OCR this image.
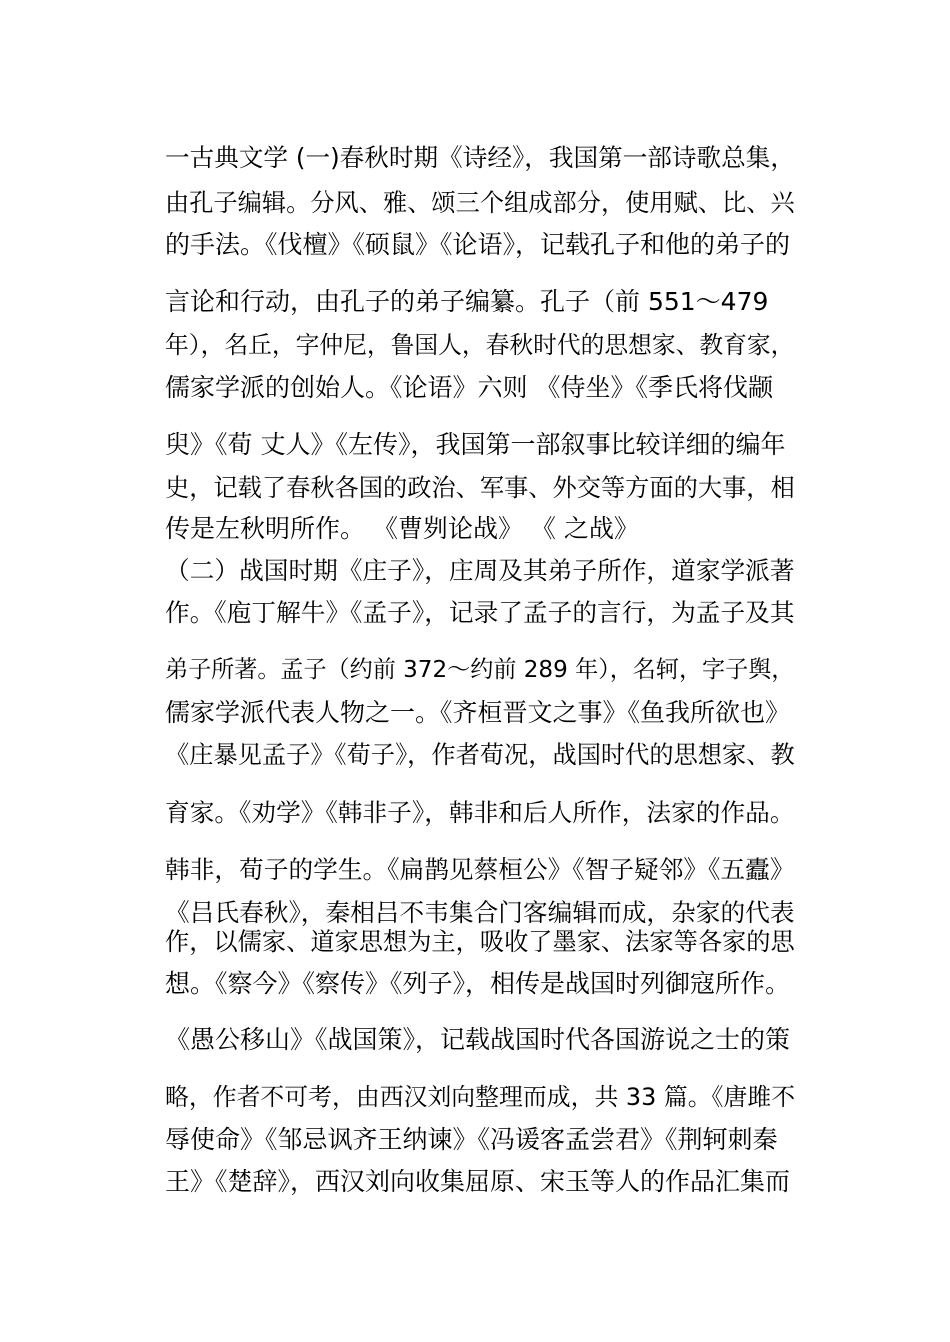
一古典文学 (一)春秋时期《诗经》，我国第一部诗歌总集，
由孔子编辑。分风、雅、颂三个组成部分，使用赋、比、兴
的手法。《伐檀》《硕鼠》《论语》，记载孔子和他的弟子的
言论和行动，由孔子的弟子编纂。孔子（前 551～479
年），名丘，字仲尼，鲁国人，春秋时代的思想家、教育家，
儒家学派的创始人。《论语》六则 《侍坐》《季氏将伐颛
臾》《荀 丈人》《左传》，我国第一部叙事比较详细的编年
史，记载了春秋各国的政治、军事、外交等方面的大事，相
传是左秋明所作。 《曹刿论战》 《 之战》
（二）战国时期《庄子》，庄周及其弟子所作，道家学派著
作。《庖丁解牛》《孟子》，记录了孟子的言行，为孟子及其
弟子所著。孟子（约前 372～约前 289 年），名轲，字子舆，
儒家学派代表人物之一。《齐桓晋文之事》《鱼我所欲也》
《庄暴见孟子》《荀子》，作者荀况，战国时代的思想家、教
育家。《劝学》《韩非子》，韩非和后人所作，法家的作品。
韩非，荀子的学生。《扁鹊见蔡桓公》《智子疑邻》《五蠹》
《吕氏春秋》，秦相吕不韦集合门客编辑而成，杂家的代表
作，以儒家、道家思想为主，吸收了墨家、法家等各家的思
想。《察今》《察传》《列子》，相传是战国时列御寇所作。
《愚公移山》《战国策》，记载战国时代各国游说之士的策
略，作者不可考，由西汉刘向整理而成，共 33 篇。《唐雎不
辱使命》《邹忌讽齐王纳谏》《冯谖客孟尝君》《荆轲刺秦
王》《楚辞》，西汉刘向收集屈原、宋玉等人的作品汇集而
